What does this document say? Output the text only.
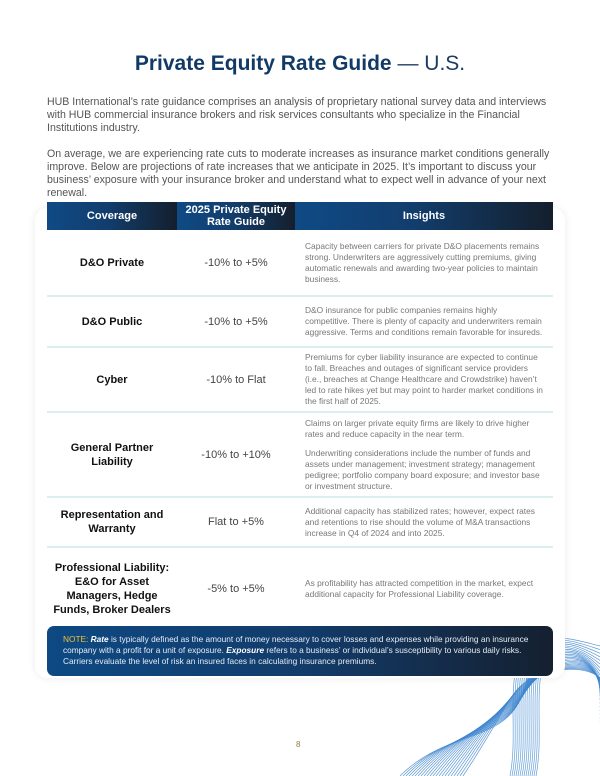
Private Equity Rate Guide — U.S.

HUB International’s rate guidance comprises an analysis of proprietary national survey data and interviews with HUB commercial insurance brokers and risk services consultants who specialize in the Financial Institutions industry.

On average, we are experiencing rate cuts to moderate increases as insurance market conditions generally improve. Below are projections of rate increases that we anticipate in 2025. It’s important to discuss your business’ exposure with your insurance broker and understand what to expect well in advance of your next renewal.

Coverage	2025 Private Equity Rate Guide	Insights
D&O Private	-10% to +5%	Capacity between carriers for private D&O placements remains strong. Underwriters are aggressively cutting premiums, giving automatic renewals and awarding two-year policies to maintain business.

D&O Public	-10% to +5%	D&O insurance for public companies remains highly competitive. There is plenty of capacity and underwriters remain aggressive. Terms and conditions remain favorable for insureds.

Cyber	-10% to Flat	Premiums for cyber liability insurance are expected to continue to fall. Breaches and outages of significant service providers (i.e., breaches at Change Healthcare and Crowdstrike) haven’t led to rate hikes yet but may point to harder market conditions in the first half of 2025.

General Partner Liability	-10% to +10%	Claims on larger private equity firms are likely to drive higher rates and reduce capacity in the near term.

Underwriting considerations include the number of funds and assets under management; investment strategy; management pedigree; portfolio company board exposure; and investor base or investment structure.

Representation and Warranty	Flat to +5%	Additional capacity has stabilized rates; however, expect rates and retentions to rise should the volume of M&A transactions increase in Q4 of 2024 and into 2025.

Professional Liability: E&O for Asset Managers, Hedge Funds, Broker Dealers	-5% to +5%	As profitability has attracted competition in the market, expect additional capacity for Professional Liability coverage.

NOTE: Rate is typically defined as the amount of money necessary to cover losses and expenses while providing an insurance company with a profit for a unit of exposure. Exposure refers to a business’ or individual’s susceptibility to various daily risks. Carriers evaluate the level of risk an insured faces in calculating insurance premiums.
8
